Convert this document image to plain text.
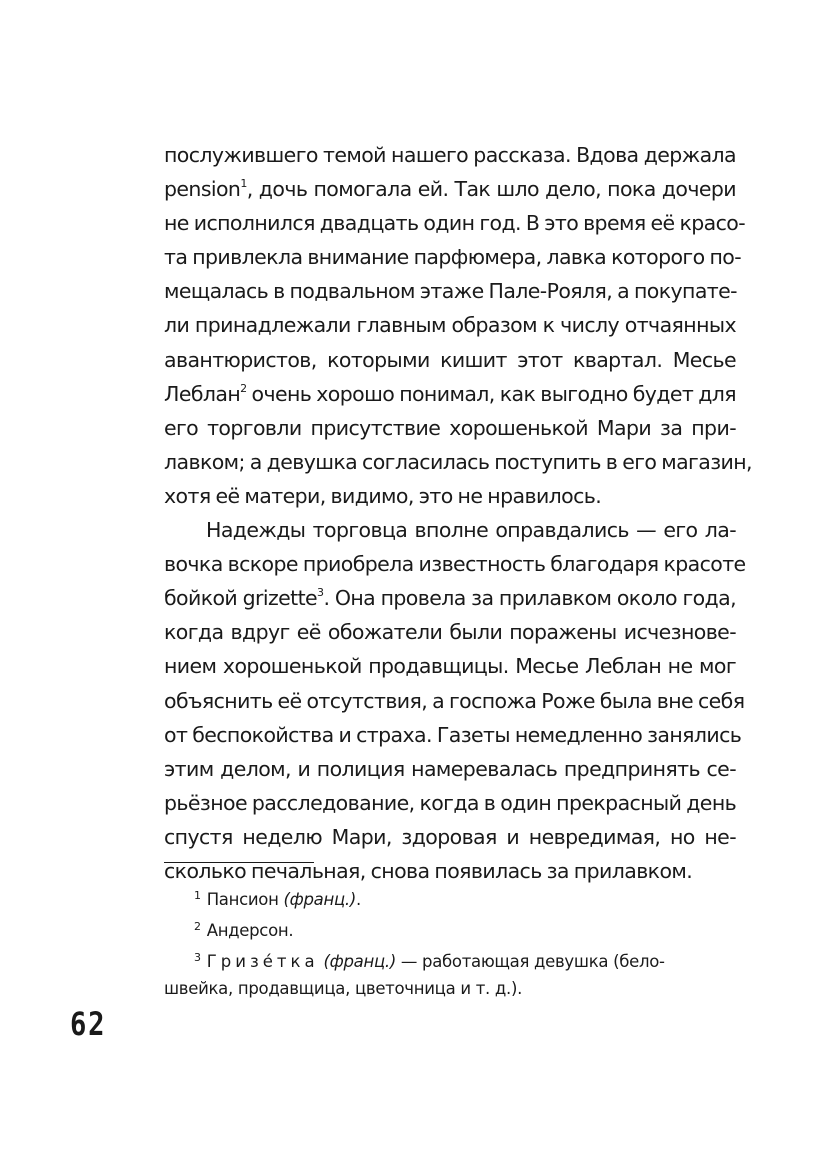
послужившего темой нашего рассказа. Вдова держала
pension$^1$, дочь помогала ей. Так шло дело, пока дочери
не исполнился двадцать один год. В это время её красо-
та привлекла внимание парфюмера, лавка которого по-
мещалась в подвальном этаже Пале-Рояля, а покупате-
ли принадлежали главным образом к числу отчаянных
авантюристов, которыми кишит этот квартал. Месье
Леблан$^2$ очень хорошо понимал, как выгодно будет для
его торговли присутствие хорошенькой Мари за при-
лавком; а девушка согласилась поступить в его магазин,
хотя её матери, видимо, это не нравилось.

Надежды торговца вполне оправдались — его ла-
вочка вскоре приобрела известность благодаря красоте
бойкой grizette$^3$. Она провела за прилавком около года,
когда вдруг её обожатели были поражены исчезнове-
нием хорошенькой продавщицы. Месье Леблан не мог
объяснить её отсутствия, а госпожа Роже была вне себя
от беспокойства и страха. Газеты немедленно занялись
этим делом, и полиция намеревалась предпринять се-
рьёзное расследование, когда в один прекрасный день
спустя неделю Мари, здоровая и невредимая, но не-
сколько печальная, снова появилась за прилавком.

$^1$ Пансион (франц.).
$^2$ Андерсон.
$^3$ Гризе́тка (франц.) — работающая девушка (бело-
швейка, продавщица, цветочница и т. д.).
62
